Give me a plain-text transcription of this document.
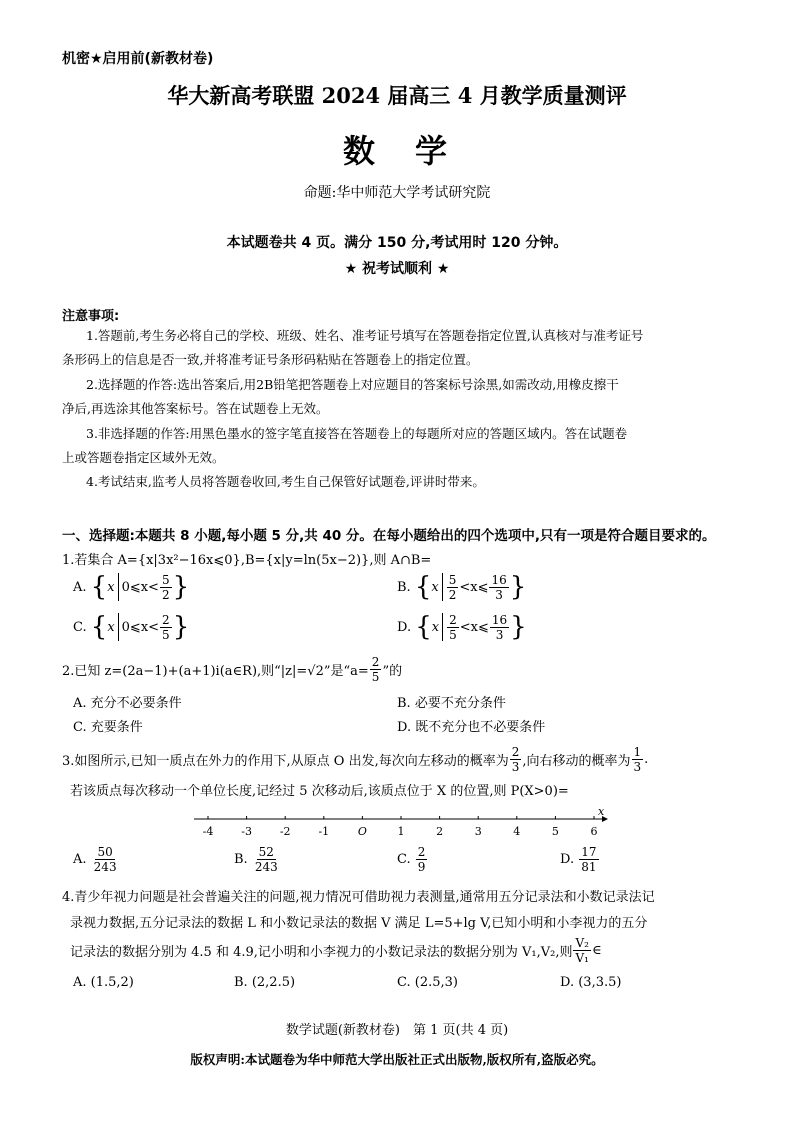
机密★启用前(新教材卷)
华大新高考联盟 2024 届高三 4 月教学质量测评
数　学
命题:华中师范大学考试研究院
本试题卷共 4 页。满分 150 分,考试用时 120 分钟。
★ 祝考试顺利 ★
注意事项:
1.答题前,考生务必将自己的学校、班级、姓名、准考证号填写在答题卷指定位置,认真核对与准考证号
条形码上的信息是否一致,并将准考证号条形码粘贴在答题卷上的指定位置。
2.选择题的作答:选出答案后,用2B铅笔把答题卷上对应题目的答案标号涂黑,如需改动,用橡皮擦干
净后,再选涂其他答案标号。答在试题卷上无效。
3.非选择题的作答:用黑色墨水的签字笔直接答在答题卷上的每题所对应的答题区域内。答在试题卷
上或答题卷指定区域外无效。
4.考试结束,监考人员将答题卷收回,考生自己保管好试题卷,评讲时带来。
一、选择题:本题共 8 小题,每小题 5 分,共 40 分。在每小题给出的四个选项中,只有一项是符合题目要求的。
1.若集合 A={x|3x²−16x⩽0},B={x|y=ln(5x−2)},则 A∩B=
A.
{ x 0⩽x< $\frac{5}{2}$ }	B.
{ x $\frac{5}{2}$ <x⩽ $\frac{16}{3}$ }
C.
{ x 0⩽x< $\frac{2}{5}$ }	D.
{ x $\frac{2}{5}$ <x⩽ $\frac{16}{3}$ }
2.已知 z=(2a−1)+(a+1)i(a∈R),则“|z|=√2”是“$a= \frac{2}{5}$ ”的
A. 充分不必要条件	B. 必要不充分条件
C. 充要条件	D. 既不充分也不必要条件
3.如图所示,已知一质点在外力的作用下,从原点 O 出发,每次向左移动的概率为 $\frac{2}{3}$ ,向右移动的概率为 $\frac{1}{3}$ .
若该质点每次移动一个单位长度,记经过 5 次移动后,该质点位于 X 的位置,则 P(X>0)=
x
-4	-3	-2	-1	O	1	2	3	4	5	6
A.
$\frac{50}{243}$	B.
$\frac{52}{243}$	C.
$\frac{2}{9}$	D.
$\frac{17}{81}$
4.青少年视力问题是社会普遍关注的问题,视力情况可借助视力表测量,通常用五分记录法和小数记录法记
录视力数据,五分记录法的数据 L 和小数记录法的数据 V 满足 L=5+lg V,已知小明和小李视力的五分
记录法的数据分别为 4.5 和 4.9,记小明和小李视力的小数记录法的数据分别为 V₁,V₂,则 $\frac{\text{V₂}}{\text{V₁}}$ ∈
A. (1.5,2)	B. (2,2.5)	C. (2.5,3)	D. (3,3.5)
数学试题(新教材卷)　第 1 页(共 4 页)
版权声明:本试题卷为华中师范大学出版社正式出版物,版权所有,盗版必究。
